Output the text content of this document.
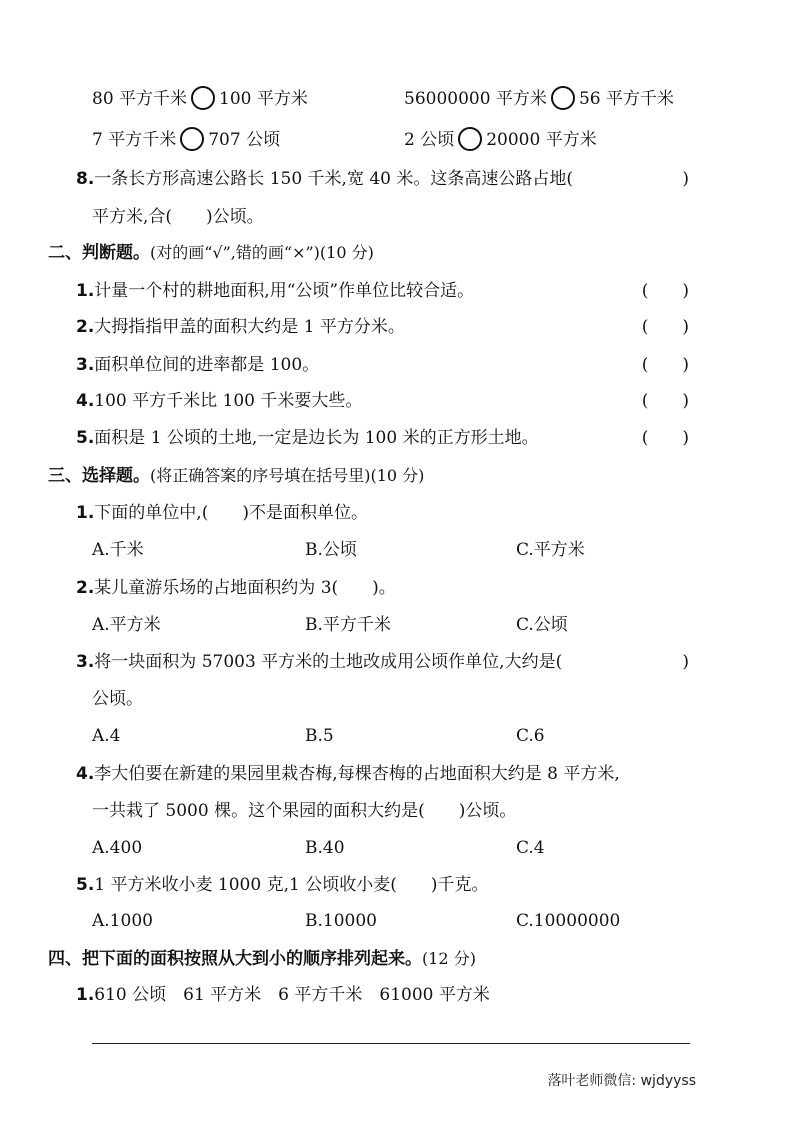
80 平方千米 100 平方米	56000000 平方米 56 平方千米
7 平方千米 707 公顷	2 公顷 20000 平方米
8.一条长方形高速公路长 150 千米,宽 40 米。这条高速公路占地(	)
平方米,合(　　)公顷。
二、判断题。(对的画“√”,错的画“×”)(10 分)
1.计量一个村的耕地面积,用“公顷”作单位比较合适。	(　　)
2.大拇指指甲盖的面积大约是 1 平方分米。	(　　)
3.面积单位间的进率都是 100。	(　　)
4.100 平方千米比 100 千米要大些。	(　　)
5.面积是 1 公顷的土地,一定是边长为 100 米的正方形土地。	(　　)
三、选择题。(将正确答案的序号填在括号里)(10 分)
1.下面的单位中,(　　)不是面积单位。
A.千米	B.公顷	C.平方米
2.某儿童游乐场的占地面积约为 3(　　)。
A.平方米	B.平方千米	C.公顷
3.将一块面积为 57003 平方米的土地改成用公顷作单位,大约是(	)
公顷。
A.4	B.5	C.6
4.李大伯要在新建的果园里栽杏梅,每棵杏梅的占地面积大约是 8 平方米,
一共栽了 5000 棵。这个果园的面积大约是(　　)公顷。
A.400	B.40	C.4
5.1 平方米收小麦 1000 克,1 公顷收小麦(　　)千克。
A.1000	B.10000	C.10000000
四、把下面的面积按照从大到小的顺序排列起来。(12 分)
1.610 公顷　61 平方米　6 平方千米　61000 平方米
落叶老师微信: wjdyyss
